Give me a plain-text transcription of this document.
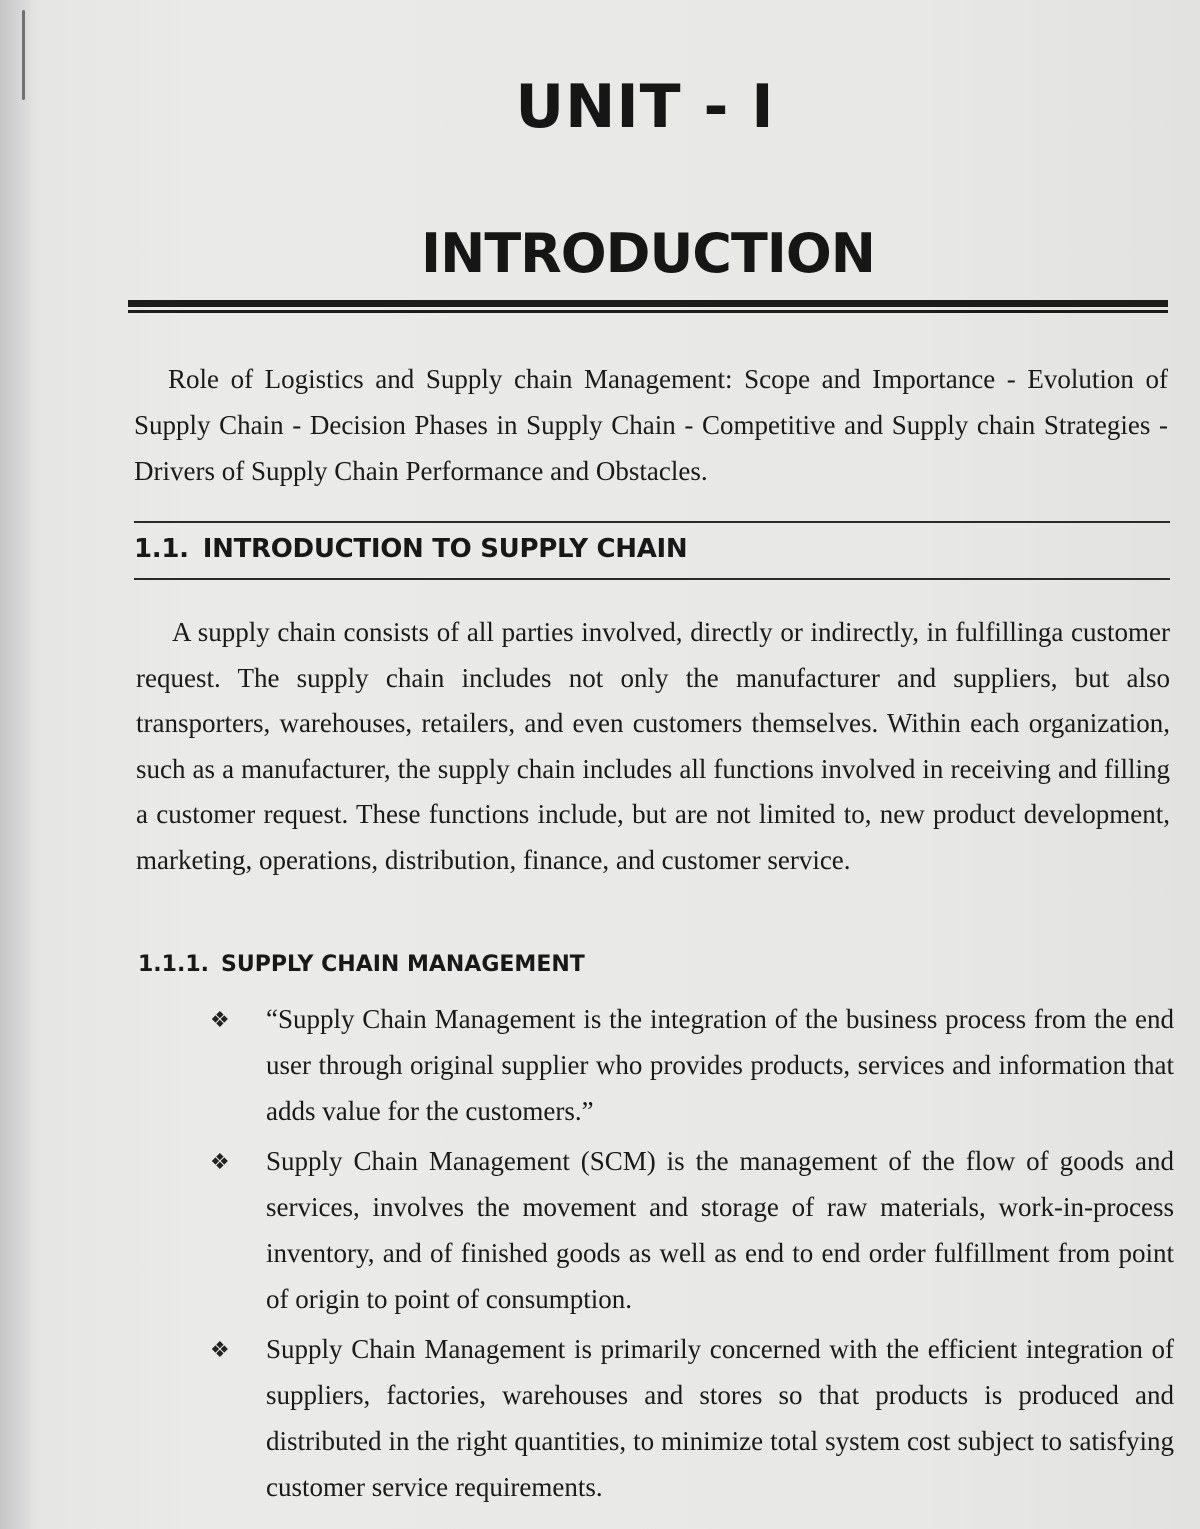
UNIT - I
INTRODUCTION

Role of Logistics and Supply chain Management: Scope and Importance - Evolution of Supply Chain - Decision Phases in Supply Chain - Competitive and Supply chain Strategies - Drivers of Supply Chain Performance and Obstacles.

1.1. INTRODUCTION TO SUPPLY CHAIN

A supply chain consists of all parties involved, directly or indirectly, in fulfillinga customer request. The supply chain includes not only the manufacturer and suppliers, but also transporters, warehouses, retailers, and even customers themselves. Within each organization, such as a manufacturer, the supply chain includes all functions involved in receiving and filling a customer request. These functions include, but are not limited to, new product development, marketing, operations, distribution, finance, and customer service.

1.1.1. SUPPLY CHAIN MANAGEMENT
❖ “Supply Chain Management is the integration of the business process from the end user through original supplier who provides products, services and information that adds value for the customers.”
❖ Supply Chain Management (SCM) is the management of the flow of goods and services, involves the movement and storage of raw materials, work-in-process inventory, and of finished goods as well as end to end order fulfillment from point of origin to point of consumption.
❖ Supply Chain Management is primarily concerned with the efficient integration of suppliers, factories, warehouses and stores so that products is produced and distributed in the right quantities, to minimize total system cost subject to satisfying customer service requirements.
